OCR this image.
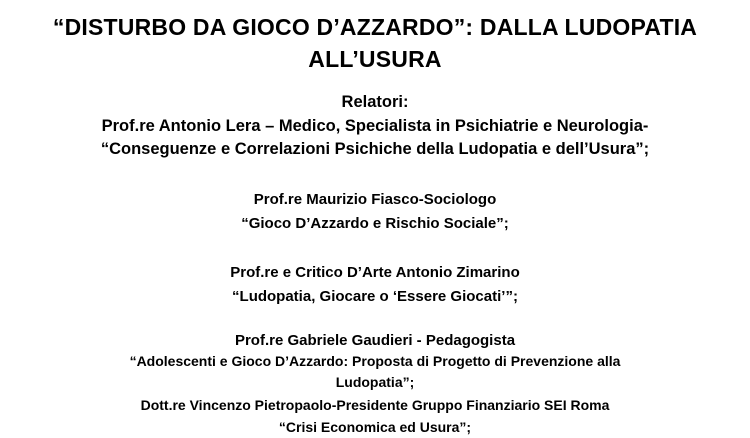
“DISTURBO DA GIOCO D’AZZARDO”: DALLA LUDOPATIA
ALL’USURA
Relatori:
Prof.re Antonio Lera – Medico, Specialista in Psichiatrie e Neurologia-
“Conseguenze e Correlazioni Psichiche della Ludopatia e dell’Usura”;
Prof.re Maurizio Fiasco-Sociologo
“Gioco D’Azzardo e Rischio Sociale”;
Prof.re e Critico D’Arte Antonio Zimarino
“Ludopatia, Giocare o ‘Essere Giocati’”;
Prof.re Gabriele Gaudieri - Pedagogista
“Adolescenti e Gioco D’Azzardo: Proposta di Progetto di Prevenzione alla
Ludopatia”;
Dott.re Vincenzo Pietropaolo-Presidente Gruppo Finanziario SEI Roma
“Crisi Economica ed Usura”;
